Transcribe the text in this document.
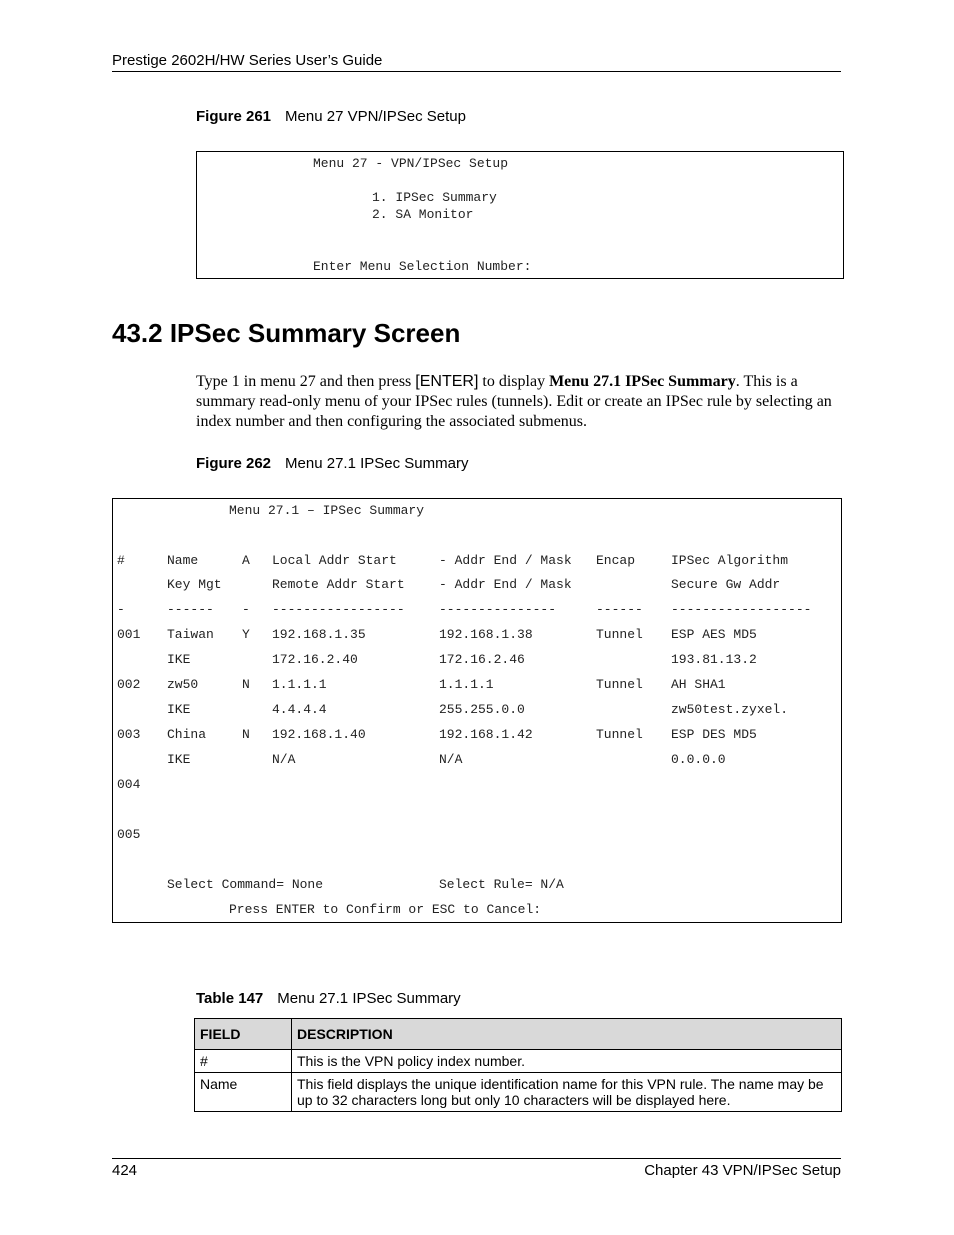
Prestige 2602H/HW Series User’s Guide
Figure 261 Menu 27 VPN/IPSec Setup
Menu 27 - VPN/IPSec Setup
1. IPSec Summary
2. SA Monitor
Enter Menu Selection Number:
43.2 IPSec Summary Screen
Type 1 in menu 27 and then press [ENTER] to display Menu 27.1 IPSec Summary. This is a summary read-only menu of your IPSec rules (tunnels). Edit or create an IPSec rule by selecting an index number and then configuring the associated submenus.
Figure 262 Menu 27.1 IPSec Summary
Menu 27.1 – IPSec Summary
#	Name	A Local Addr Start	- Addr End / Mask Encap	IPSec Algorithm
Key Mgt	Remote Addr Start	- Addr End / Mask	Secure Gw Addr
-	------ - -----------------	---------------	------ ------------------
001 Taiwan Y 192.168.1.35	192.168.1.38	Tunnel ESP AES MD5
IKE	172.16.2.40	172.16.2.46	193.81.13.2
002 zw50	N 1.1.1.1	1.1.1.1	Tunnel AH SHA1
IKE	4.4.4.4	255.255.0.0	zw50test.zyxel.
003 China	N 192.168.1.40	192.168.1.42	Tunnel ESP DES MD5
IKE	N/A	N/A	0.0.0.0
004
005
Select Command= None	Select Rule= N/A
Press ENTER to Confirm or ESC to Cancel:
Table 147 Menu 27.1 IPSec Summary
FIELD	DESCRIPTION
#	This is the VPN policy index number.
Name	This field displays the unique identification name for this VPN rule. The name may be up to 32 characters long but only 10 characters will be displayed here.
424	Chapter 43 VPN/IPSec Setup
